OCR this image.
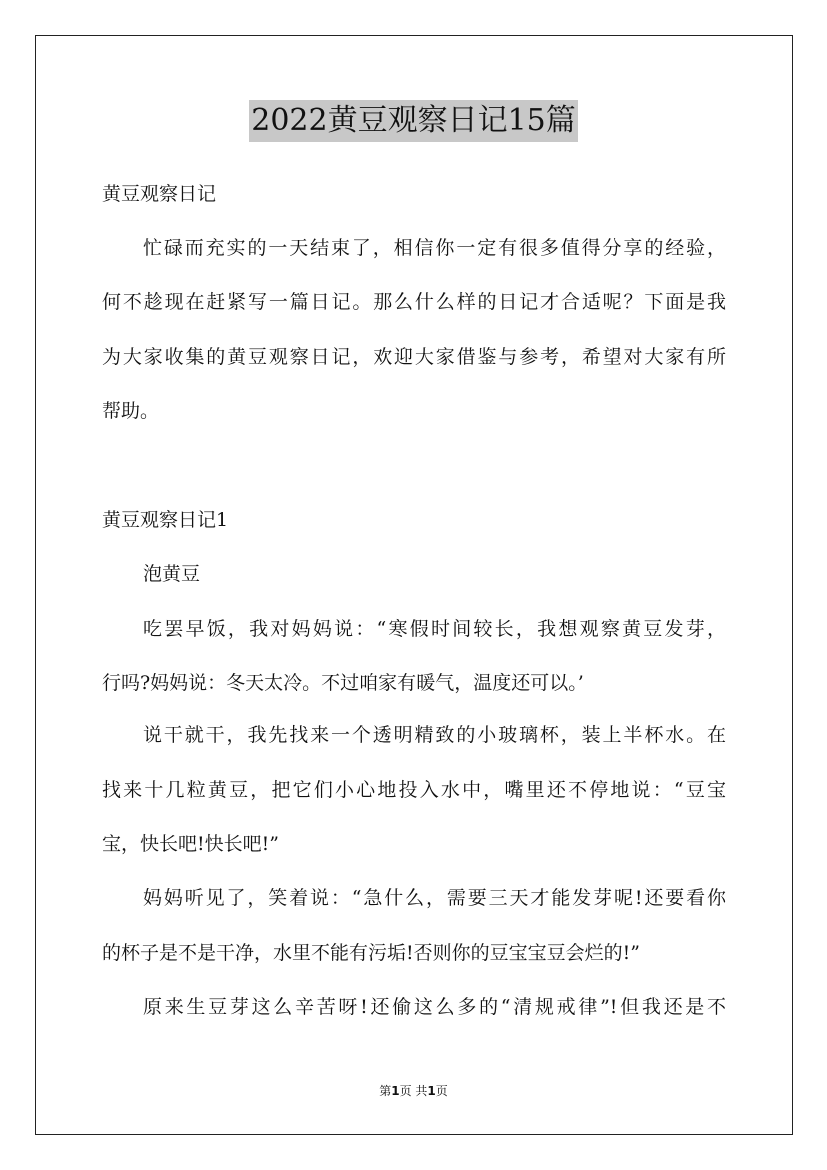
2022黄豆观察日记15篇
黄豆观察日记
忙碌而充实的一天结束了，相信你一定有很多值得分享的经验，
何不趁现在赶紧写一篇日记。那么什么样的日记才合适呢？下面是我
为大家收集的黄豆观察日记，欢迎大家借鉴与参考，希望对大家有所
帮助。
黄豆观察日记1
泡黄豆
吃罢早饭，我对妈妈说：“寒假时间较长，我想观察黄豆发芽，
行吗?妈妈说：冬天太冷。不过咱家有暖气，温度还可以。’
说干就干，我先找来一个透明精致的小玻璃杯，装上半杯水。在
找来十几粒黄豆，把它们小心地投入水中，嘴里还不停地说：“豆宝
宝，快长吧!快长吧!”
妈妈听见了，笑着说：“急什么，需要三天才能发芽呢!还要看你
的杯子是不是干净，水里不能有污垢!否则你的豆宝宝豆会烂的!”
原来生豆芽这么辛苦呀!还偷这么多的“清规戒律”!但我还是不
第1页 共1页
